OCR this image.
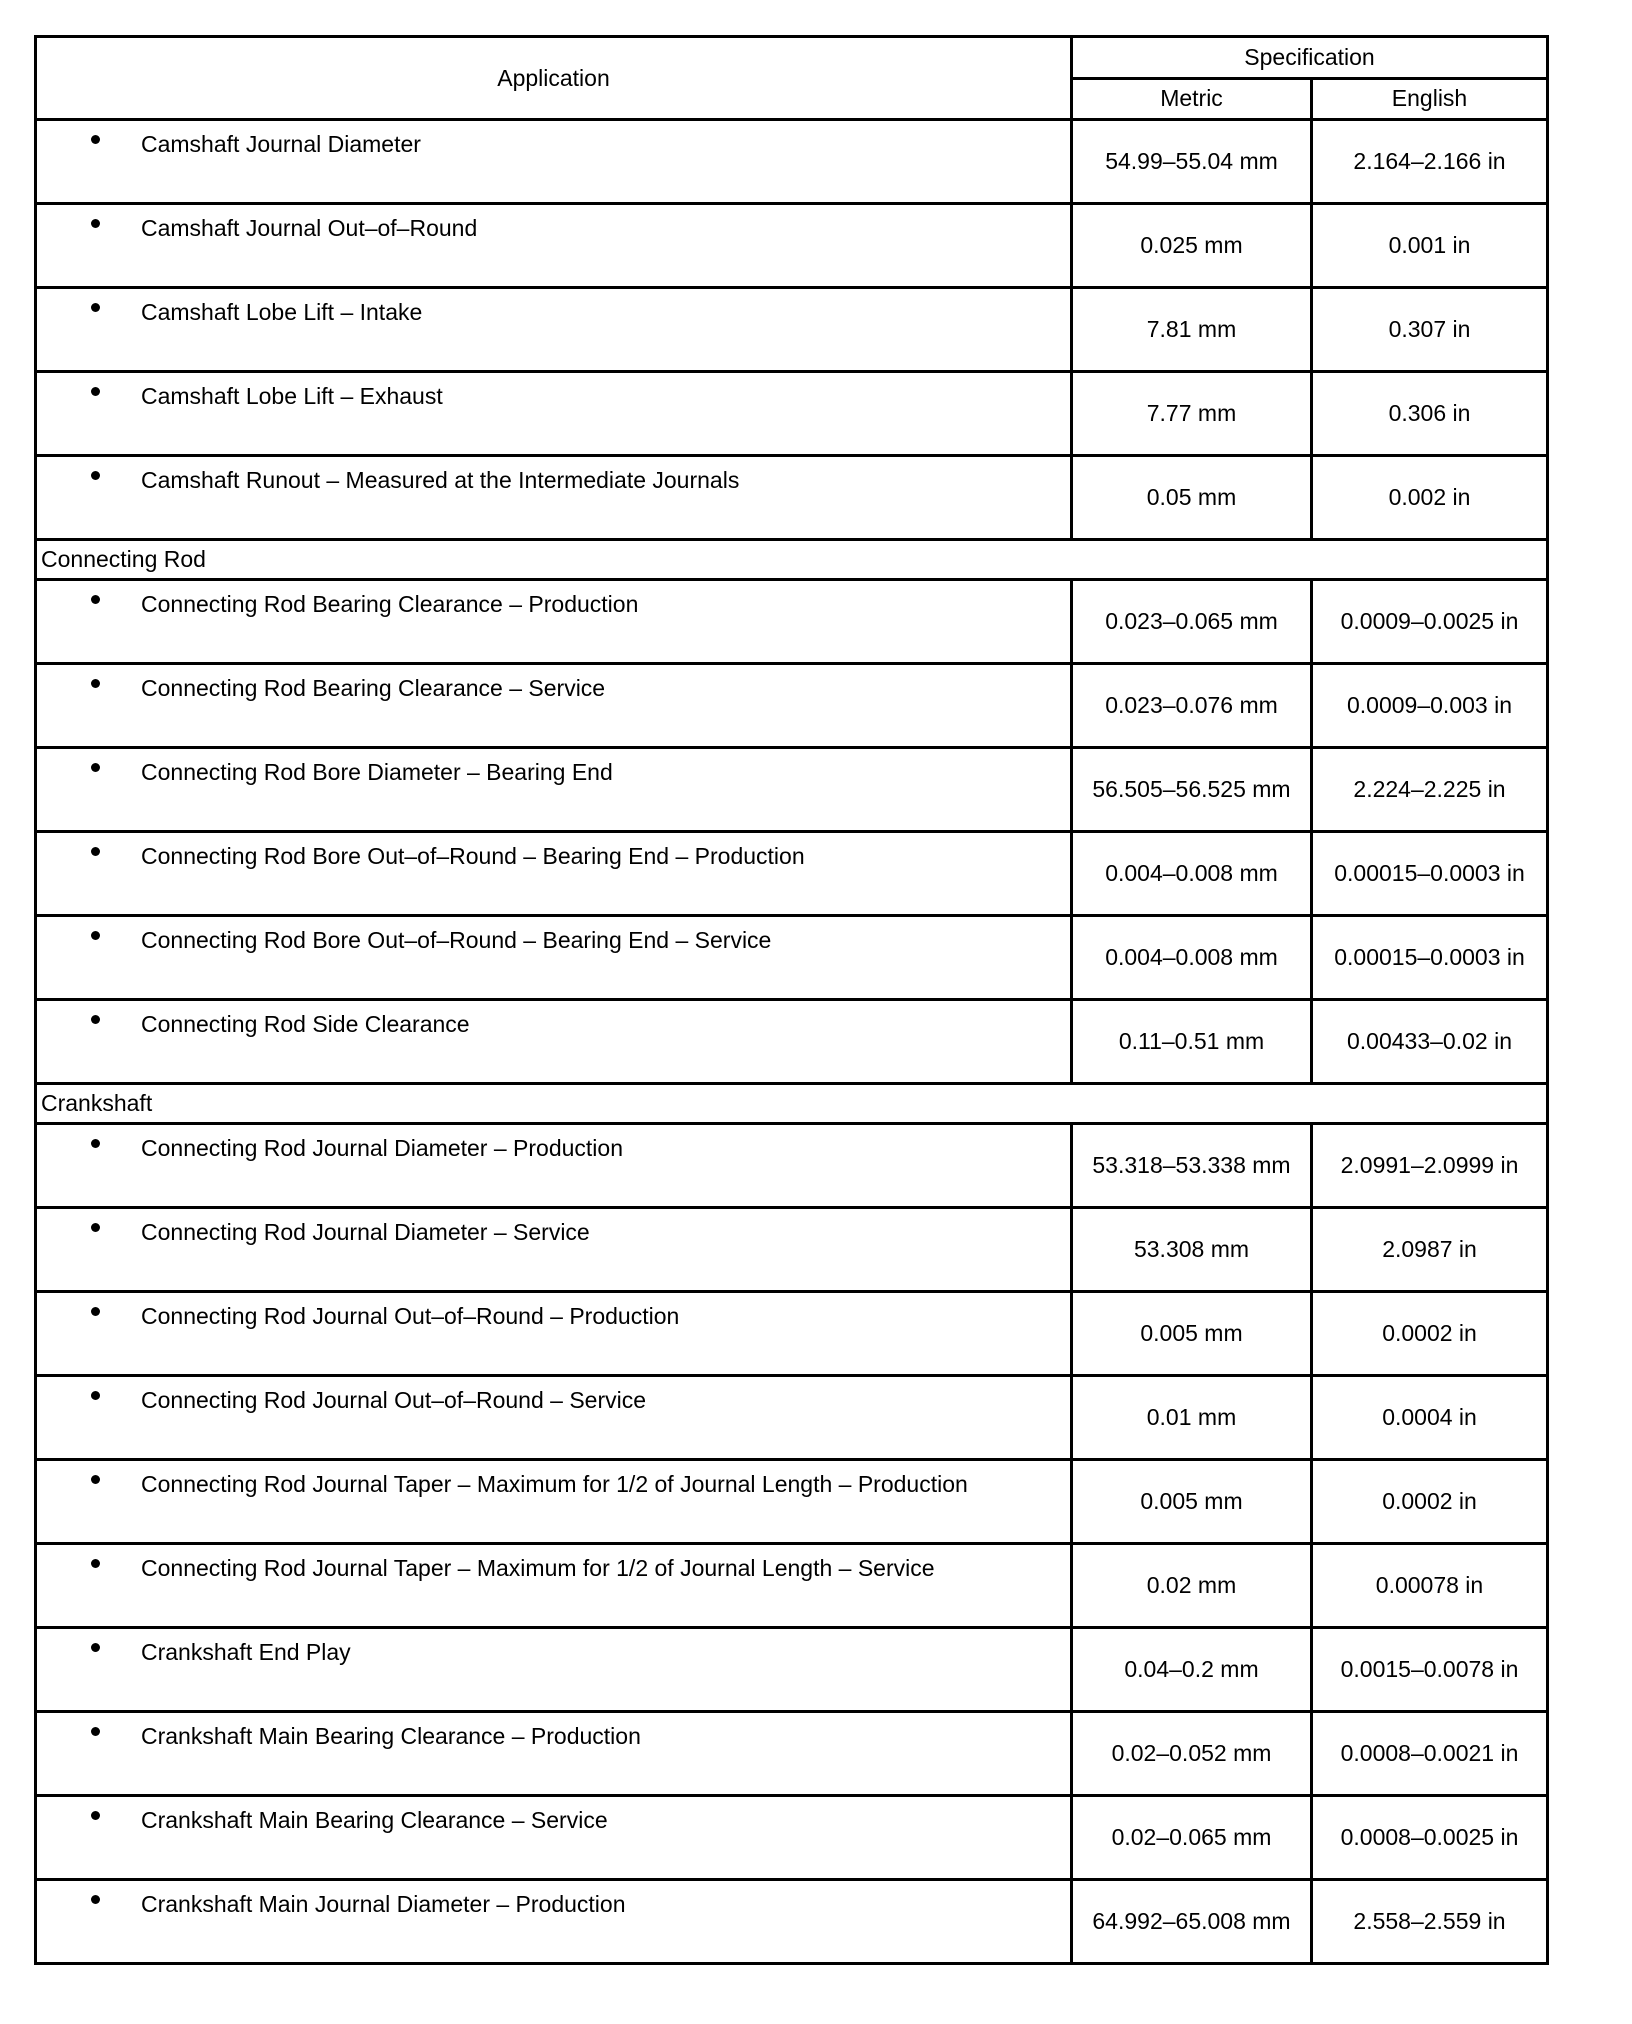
Application	Specification	
	Metric	English

Camshaft Journal Diameter	54.99–55.04 mm	2.164–2.166 in

Camshaft Journal Out–of–Round	0.025 mm	0.001 in

Camshaft Lobe Lift – Intake	7.81 mm	0.307 in

Camshaft Lobe Lift – Exhaust	7.77 mm	0.306 in

Camshaft Runout – Measured at the Intermediate Journals	0.05 mm	0.002 in
Connecting Rod		

Connecting Rod Bearing Clearance – Production	0.023–0.065 mm	0.0009–0.0025 in

Connecting Rod Bearing Clearance – Service	0.023–0.076 mm	0.0009–0.003 in

Connecting Rod Bore Diameter – Bearing End	56.505–56.525 mm	2.224–2.225 in

Connecting Rod Bore Out–of–Round – Bearing End – Production	0.004–0.008 mm	0.00015–0.0003 in

Connecting Rod Bore Out–of–Round – Bearing End – Service	0.004–0.008 mm	0.00015–0.0003 in

Connecting Rod Side Clearance	0.11–0.51 mm	0.00433–0.02 in
Crankshaft		

Connecting Rod Journal Diameter – Production	53.318–53.338 mm	2.0991–2.0999 in

Connecting Rod Journal Diameter – Service	53.308 mm	2.0987 in

Connecting Rod Journal Out–of–Round – Production	0.005 mm	0.0002 in

Connecting Rod Journal Out–of–Round – Service	0.01 mm	0.0004 in

Connecting Rod Journal Taper – Maximum for 1/2 of Journal Length – Production	0.005 mm	0.0002 in

Connecting Rod Journal Taper – Maximum for 1/2 of Journal Length – Service	0.02 mm	0.00078 in

Crankshaft End Play	0.04–0.2 mm	0.0015–0.0078 in

Crankshaft Main Bearing Clearance – Production	0.02–0.052 mm	0.0008–0.0021 in

Crankshaft Main Bearing Clearance – Service	0.02–0.065 mm	0.0008–0.0025 in

Crankshaft Main Journal Diameter – Production	64.992–65.008 mm	2.558–2.559 in
